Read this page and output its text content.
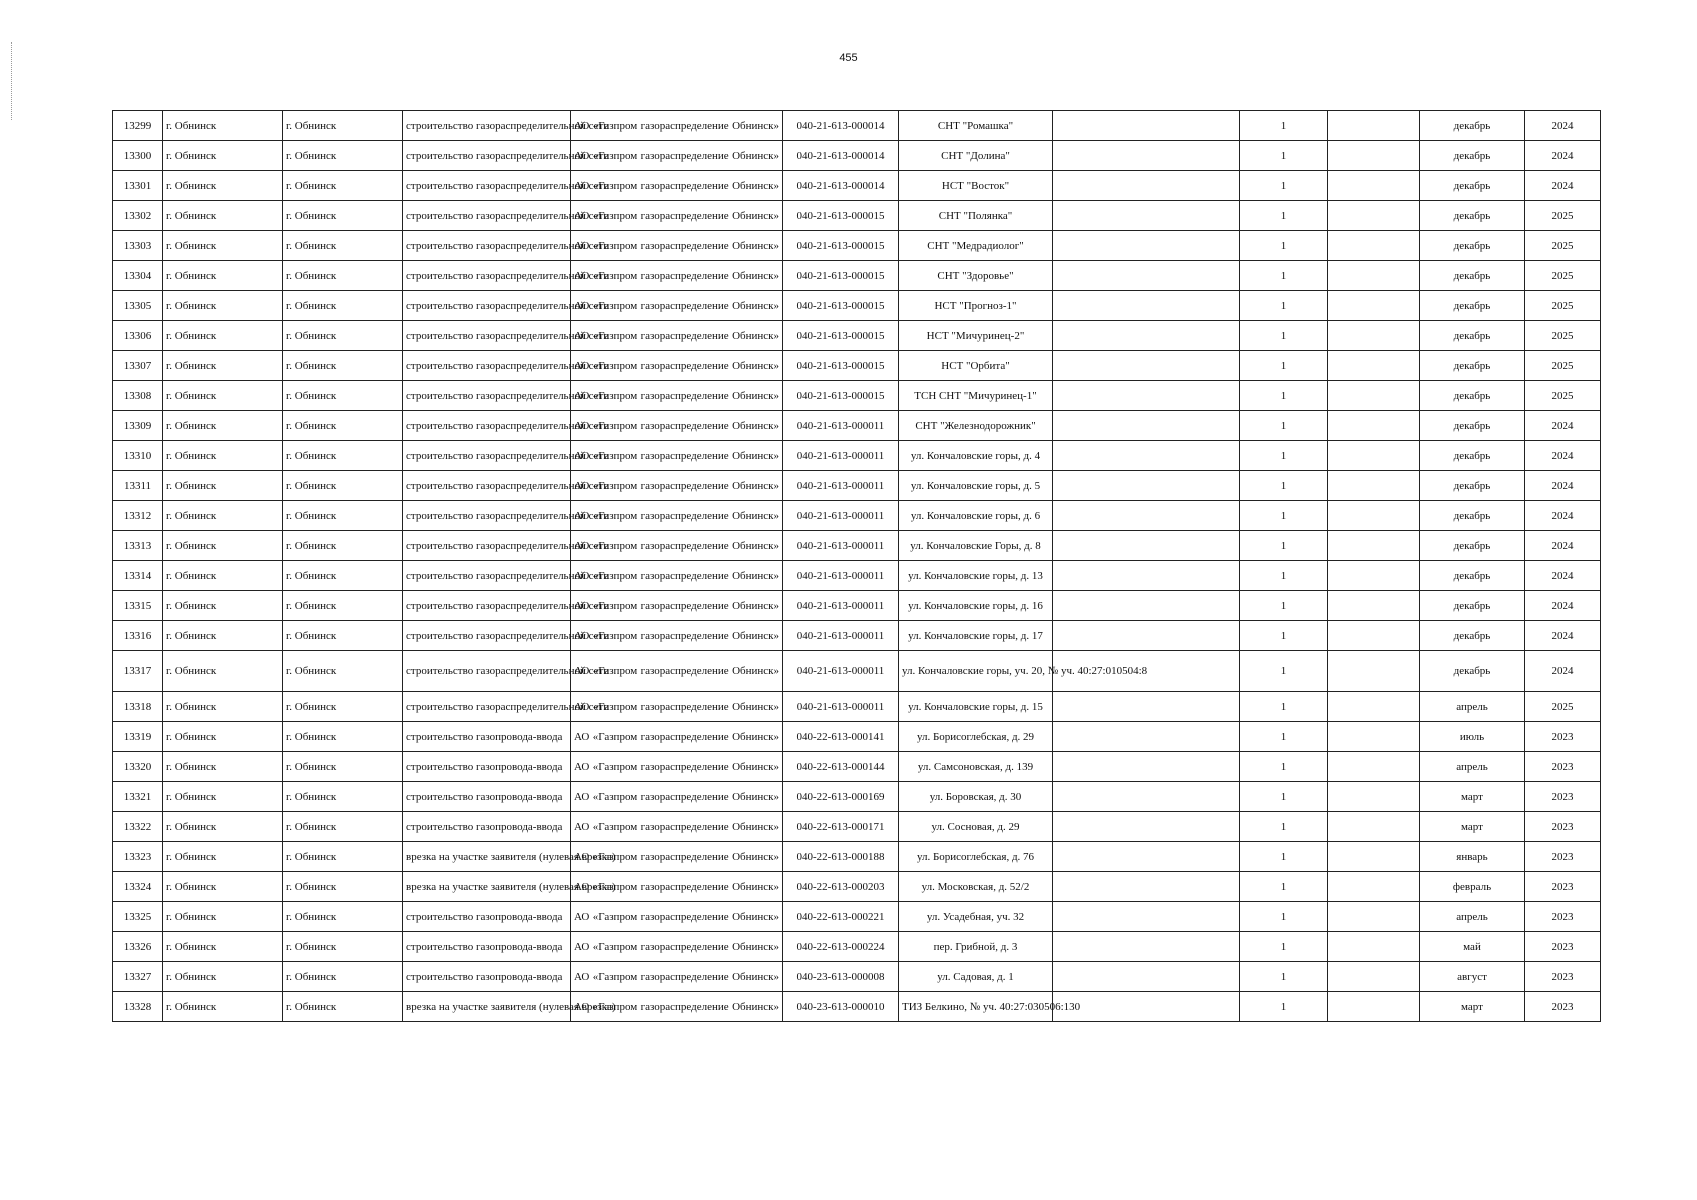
455
13299	г. Обнинск	г. Обнинск	строительство газораспределительной сети	АО «Газпром газораспределение Обнинск»	040-21-613-000014	СНТ "Ромашка"		1		декабрь	2024
13300	г. Обнинск	г. Обнинск	строительство газораспределительной сети	АО «Газпром газораспределение Обнинск»	040-21-613-000014	СНТ "Долина"		1		декабрь	2024
13301	г. Обнинск	г. Обнинск	строительство газораспределительной сети	АО «Газпром газораспределение Обнинск»	040-21-613-000014	НСТ "Восток"		1		декабрь	2024
13302	г. Обнинск	г. Обнинск	строительство газораспределительной сети	АО «Газпром газораспределение Обнинск»	040-21-613-000015	СНТ "Полянка"		1		декабрь	2025
13303	г. Обнинск	г. Обнинск	строительство газораспределительной сети	АО «Газпром газораспределение Обнинск»	040-21-613-000015	СНТ "Медрадиолог"		1		декабрь	2025
13304	г. Обнинск	г. Обнинск	строительство газораспределительной сети	АО «Газпром газораспределение Обнинск»	040-21-613-000015	СНТ "Здоровье"		1		декабрь	2025
13305	г. Обнинск	г. Обнинск	строительство газораспределительной сети	АО «Газпром газораспределение Обнинск»	040-21-613-000015	НСТ "Прогноз-1"		1		декабрь	2025
13306	г. Обнинск	г. Обнинск	строительство газораспределительной сети	АО «Газпром газораспределение Обнинск»	040-21-613-000015	НСТ "Мичуринец-2"		1		декабрь	2025
13307	г. Обнинск	г. Обнинск	строительство газораспределительной сети	АО «Газпром газораспределение Обнинск»	040-21-613-000015	НСТ "Орбита"		1		декабрь	2025
13308	г. Обнинск	г. Обнинск	строительство газораспределительной сети	АО «Газпром газораспределение Обнинск»	040-21-613-000015	ТСН СНТ "Мичуринец-1"		1		декабрь	2025
13309	г. Обнинск	г. Обнинск	строительство газораспределительной сети	АО «Газпром газораспределение Обнинск»	040-21-613-000011	СНТ "Железнодорожник"		1		декабрь	2024
13310	г. Обнинск	г. Обнинск	строительство газораспределительной сети	АО «Газпром газораспределение Обнинск»	040-21-613-000011	ул. Кончаловские горы, д. 4		1		декабрь	2024
13311	г. Обнинск	г. Обнинск	строительство газораспределительной сети	АО «Газпром газораспределение Обнинск»	040-21-613-000011	ул. Кончаловские горы, д. 5		1		декабрь	2024
13312	г. Обнинск	г. Обнинск	строительство газораспределительной сети	АО «Газпром газораспределение Обнинск»	040-21-613-000011	ул. Кончаловские горы, д. 6		1		декабрь	2024
13313	г. Обнинск	г. Обнинск	строительство газораспределительной сети	АО «Газпром газораспределение Обнинск»	040-21-613-000011	ул. Кончаловские Горы, д. 8		1		декабрь	2024
13314	г. Обнинск	г. Обнинск	строительство газораспределительной сети	АО «Газпром газораспределение Обнинск»	040-21-613-000011	ул. Кончаловские горы, д. 13		1		декабрь	2024
13315	г. Обнинск	г. Обнинск	строительство газораспределительной сети	АО «Газпром газораспределение Обнинск»	040-21-613-000011	ул. Кончаловские горы, д. 16		1		декабрь	2024
13316	г. Обнинск	г. Обнинск	строительство газораспределительной сети	АО «Газпром газораспределение Обнинск»	040-21-613-000011	ул. Кончаловские горы, д. 17		1		декабрь	2024
13317	г. Обнинск	г. Обнинск	строительство газораспределительной сети	АО «Газпром газораспределение Обнинск»	040-21-613-000011	ул. Кончаловские горы, уч. 20, № уч. 40:27:010504:8		1		декабрь	2024
13318	г. Обнинск	г. Обнинск	строительство газораспределительной сети	АО «Газпром газораспределение Обнинск»	040-21-613-000011	ул. Кончаловские горы, д. 15		1		апрель	2025
13319	г. Обнинск	г. Обнинск	строительство газопровода-ввода	АО «Газпром газораспределение Обнинск»	040-22-613-000141	ул. Борисоглебская, д. 29		1		июль	2023
13320	г. Обнинск	г. Обнинск	строительство газопровода-ввода	АО «Газпром газораспределение Обнинск»	040-22-613-000144	ул. Самсоновская, д. 139		1		апрель	2023
13321	г. Обнинск	г. Обнинск	строительство газопровода-ввода	АО «Газпром газораспределение Обнинск»	040-22-613-000169	ул. Боровская, д. 30		1		март	2023
13322	г. Обнинск	г. Обнинск	строительство газопровода-ввода	АО «Газпром газораспределение Обнинск»	040-22-613-000171	ул. Сосновая, д. 29		1		март	2023
13323	г. Обнинск	г. Обнинск	врезка на участке заявителя (нулевая врезка)	АО «Газпром газораспределение Обнинск»	040-22-613-000188	ул. Борисоглебская, д. 76		1		январь	2023
13324	г. Обнинск	г. Обнинск	врезка на участке заявителя (нулевая врезка)	АО «Газпром газораспределение Обнинск»	040-22-613-000203	ул. Московская, д. 52/2		1		февраль	2023
13325	г. Обнинск	г. Обнинск	строительство газопровода-ввода	АО «Газпром газораспределение Обнинск»	040-22-613-000221	ул. Усадебная, уч. 32		1		апрель	2023
13326	г. Обнинск	г. Обнинск	строительство газопровода-ввода	АО «Газпром газораспределение Обнинск»	040-22-613-000224	пер. Грибной, д. 3		1		май	2023
13327	г. Обнинск	г. Обнинск	строительство газопровода-ввода	АО «Газпром газораспределение Обнинск»	040-23-613-000008	ул. Садовая, д. 1		1		август	2023
13328	г. Обнинск	г. Обнинск	врезка на участке заявителя (нулевая врезка)	АО «Газпром газораспределение Обнинск»	040-23-613-000010	ТИЗ Белкино, № уч. 40:27:030506:130		1		март	2023
